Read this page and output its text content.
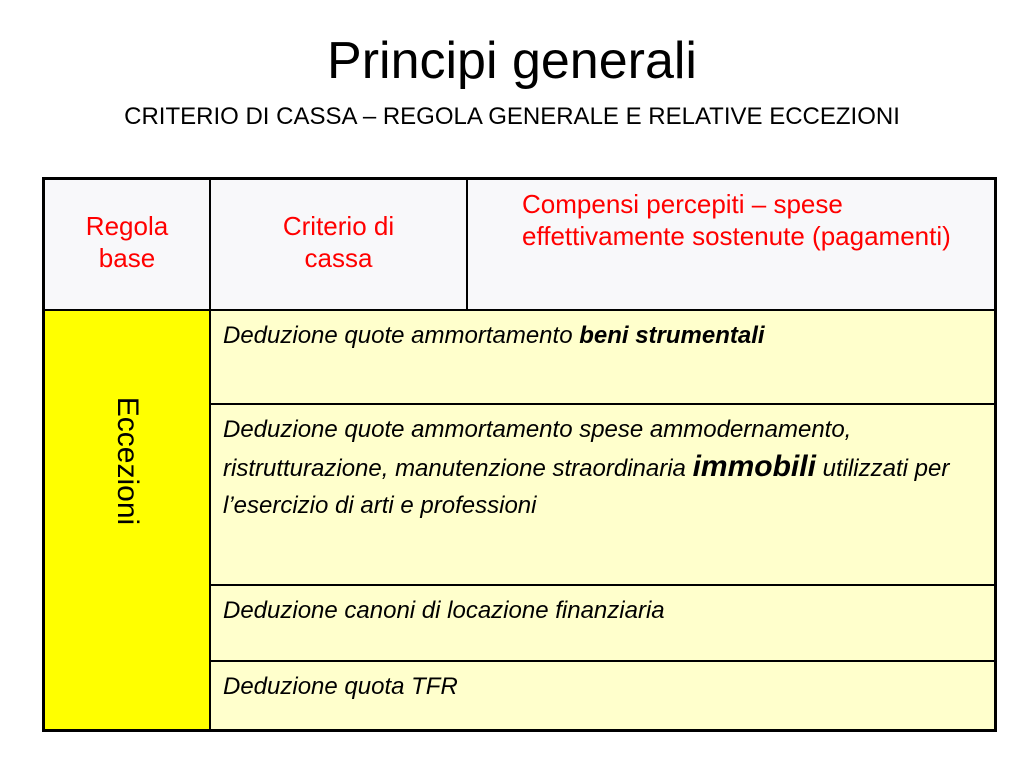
Principi generali
CRITERIO DI CASSA – REGOLA GENERALE E RELATIVE ECCEZIONI
Regola
base
Criterio di
cassa
Compensi percepiti – spese effettivamente sostenute (pagamenti)
Eccezioni
Deduzione quote ammortamento beni strumentali
Deduzione quote ammortamento spese ammodernamento, ristrutturazione, manutenzione straordinaria immobili utilizzati per l’esercizio di arti e professioni
Deduzione canoni di locazione finanziaria
Deduzione quota TFR
